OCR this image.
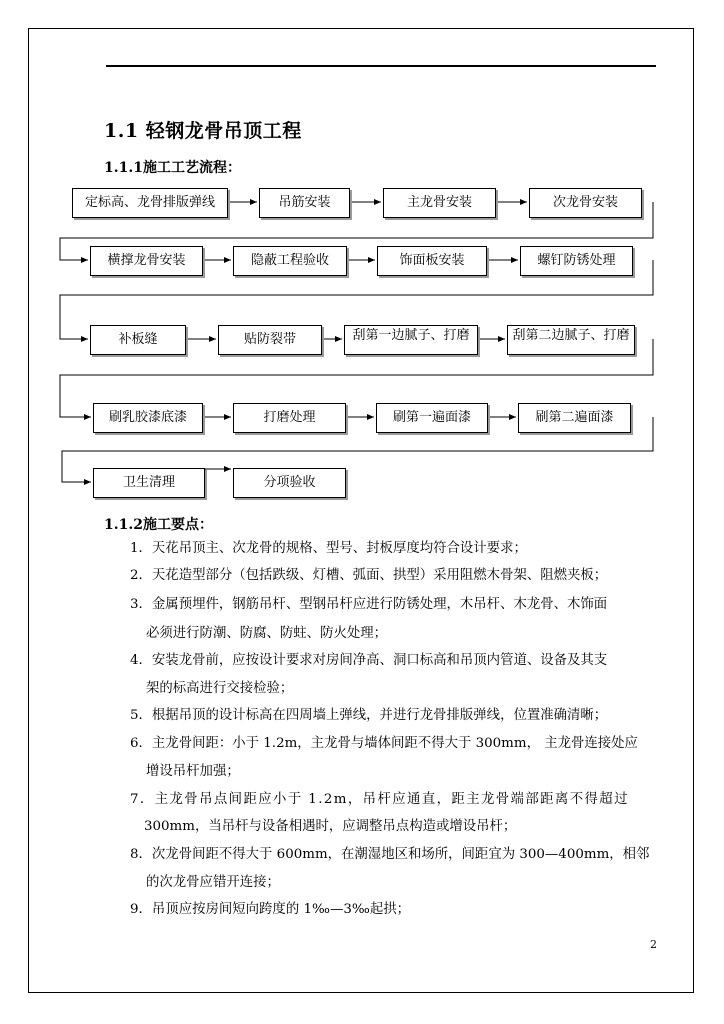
1.1 轻钢龙骨吊顶工程
1.1.1施工工艺流程：
定标高、龙骨排版弹线	吊筋安装	主龙骨安装	次龙骨安装
横撑龙骨安装	隐蔽工程验收	饰面板安装	螺钉防锈处理
补板缝	贴防裂带	刮第一边腻子、打磨	刮第二边腻子、打磨
刷乳胶漆底漆	打磨处理	刷第一遍面漆	刷第二遍面漆
卫生清理	分项验收
1.1.2施工要点：
1．天花吊顶主、次龙骨的规格、型号、封板厚度均符合设计要求；
2．天花造型部分（包括跌级、灯槽、弧面、拱型）采用阻燃木骨架、阻燃夹板；
3．金属预埋件，钢筋吊杆、型钢吊杆应进行防锈处理，木吊杆、木龙骨、木饰面
必须进行防潮、防腐、防蛀、防火处理；
4．安装龙骨前，应按设计要求对房间净高、洞口标高和吊顶内管道、设备及其支
架的标高进行交接检验；
5．根据吊顶的设计标高在四周墙上弹线，并进行龙骨排版弹线，位置准确清晰；
6．主龙骨间距：小于 1.2m，主龙骨与墙体间距不得大于 300mm， 主龙骨连接处应
增设吊杆加强；
7．主龙骨吊点间距应小于 1.2m，吊杆应通直，距主龙骨端部距离不得超过
300mm，当吊杆与设备相遇时，应调整吊点构造或增设吊杆；
8．次龙骨间距不得大于 600mm，在潮湿地区和场所，间距宜为 300—400mm，相邻
的次龙骨应错开连接；
9．吊顶应按房间短向跨度的 1‰—3‰起拱；
2
